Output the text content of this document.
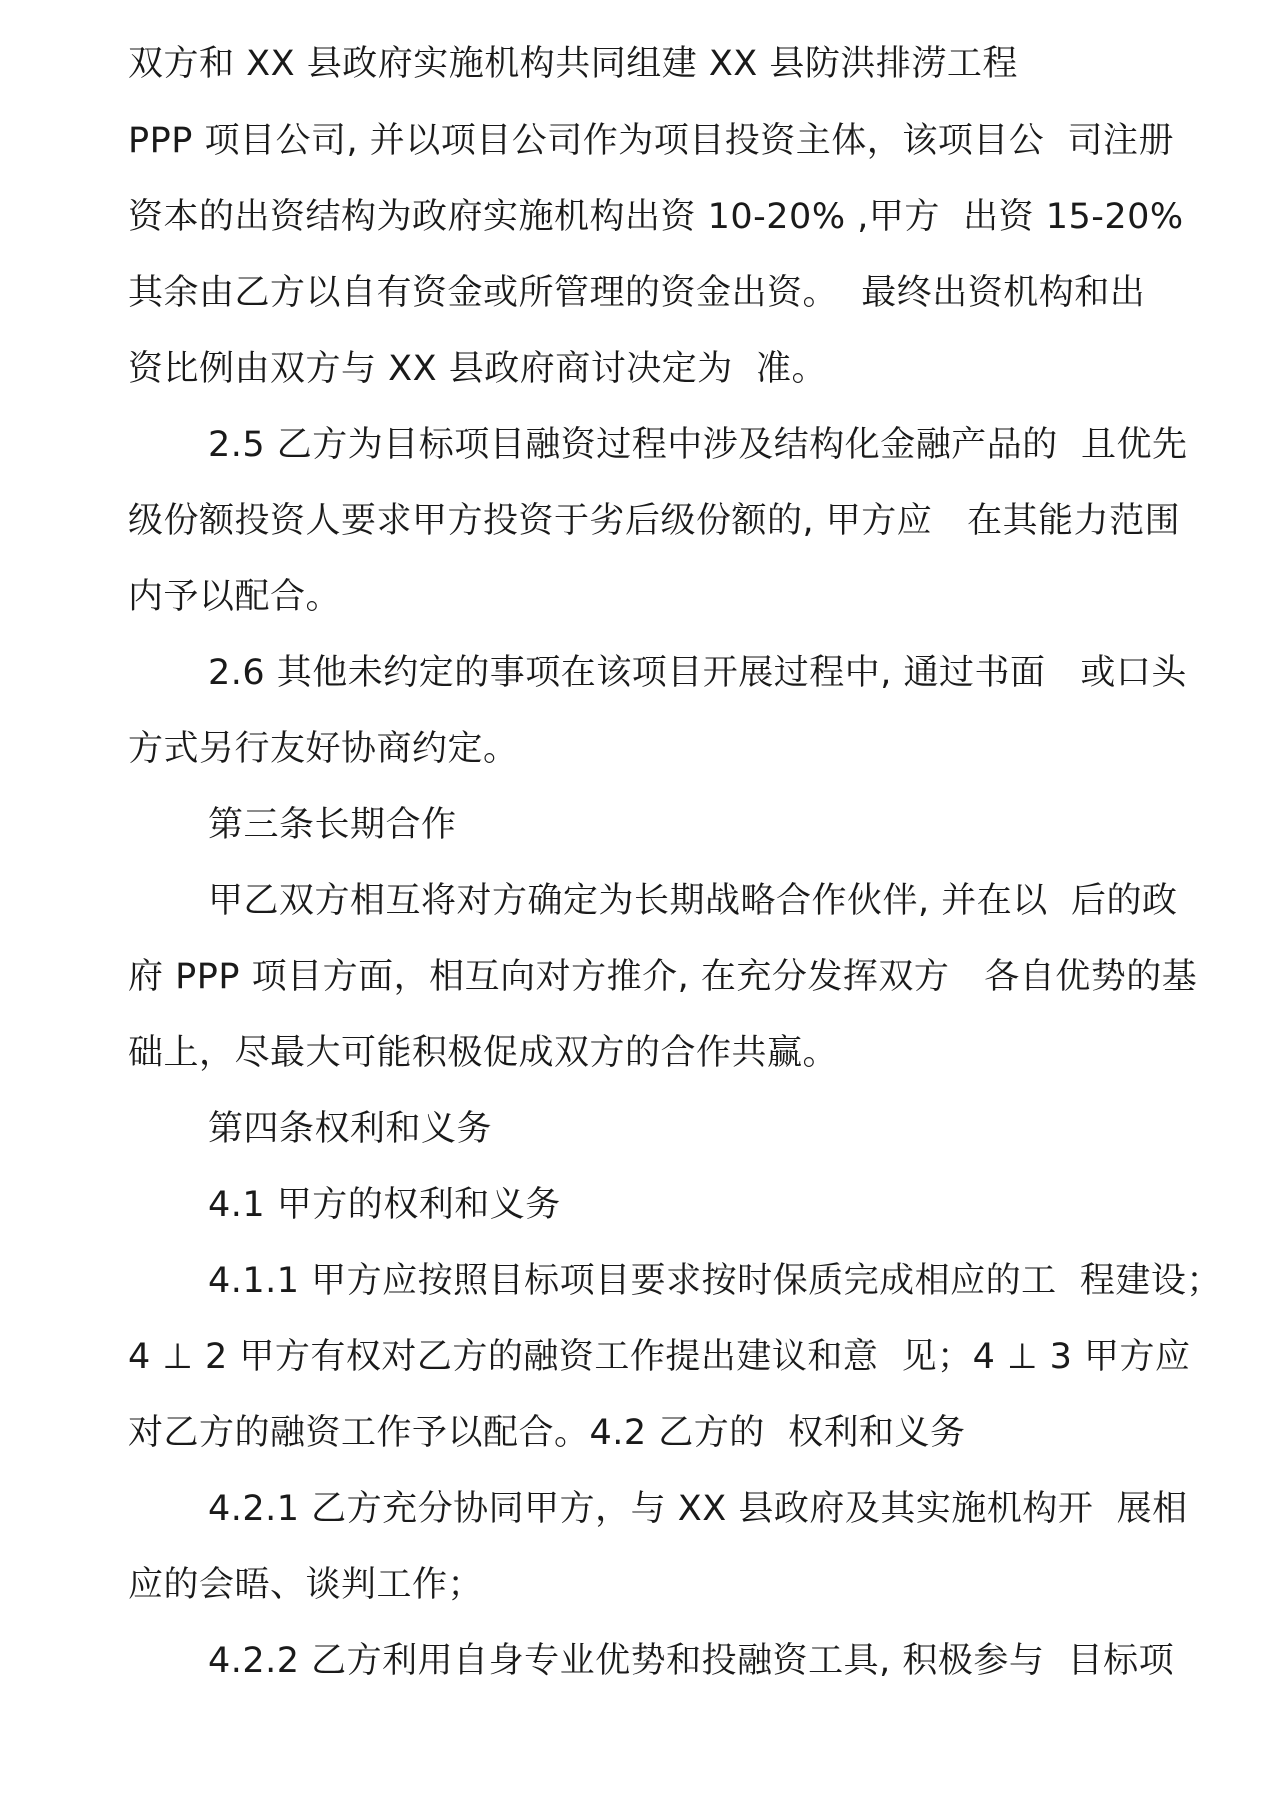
双方和 XX 县政府实施机构共同组建 XX 县防洪排涝工程
PPP 项目公司, 并以项目公司作为项目投资主体，该项目公  司注册
资本的出资结构为政府实施机构出资 10-20% ,甲方  出资 15-20%
其余由乙方以自有资金或所管理的资金出资。  最终出资机构和出
资比例由双方与 XX 县政府商讨决定为  准。
2.5 乙方为目标项目融资过程中涉及结构化金融产品的  且优先
级份额投资人要求甲方投资于劣后级份额的, 甲方应   在其能力范围
内予以配合。
2.6 其他未约定的事项在该项目开展过程中, 通过书面   或口头
方式另行友好协商约定。
第三条长期合作
甲乙双方相互将对方确定为长期战略合作伙伴, 并在以  后的政
府 PPP 项目方面，相互向对方推介, 在充分发挥双方   各自优势的基
础上，尽最大可能积极促成双方的合作共赢。
第四条权利和义务
4.1 甲方的权利和义务
4.1.1 甲方应按照目标项目要求按时保质完成相应的工  程建设；
4 ⊥ 2 甲方有权对乙方的融资工作提出建议和意  见；4 ⊥ 3 甲方应
对乙方的融资工作予以配合。4.2 乙方的  权利和义务
4.2.1 乙方充分协同甲方，与 XX 县政府及其实施机构开  展相
应的会晤、谈判工作；
4.2.2 乙方利用自身专业优势和投融资工具, 积极参与  目标项
